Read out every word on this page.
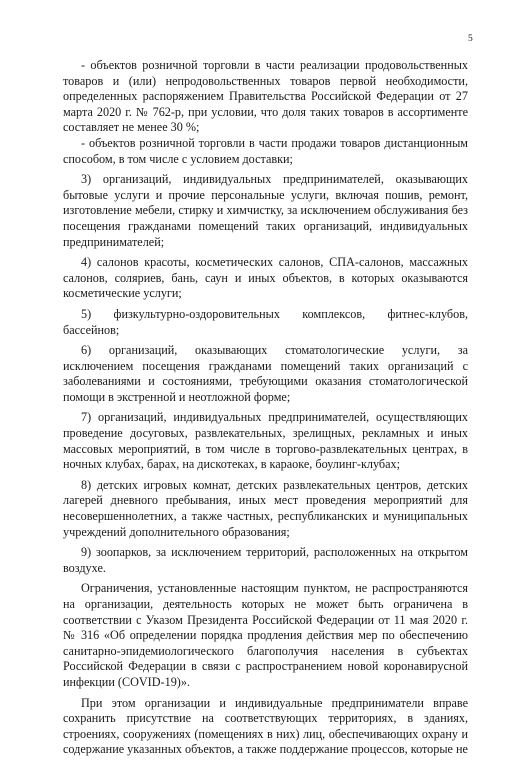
5

- объектов розничной торговли в части реализации продовольственных товаров и (или) непродовольственных товаров первой необходимости, определенных распоряжением Правительства Российской Федерации от 27 марта 2020 г. № 762-р, при условии, что доля таких товаров в ассортименте составляет не менее 30 %;

- объектов розничной торговли в части продажи товаров дистанционным способом, в том числе с условием доставки;

3) организаций, индивидуальных предпринимателей, оказывающих бытовые услуги и прочие персональные услуги, включая пошив, ремонт, изготовление мебели, стирку и химчистку, за исключением обслуживания без посещения гражданами помещений таких организаций, индивидуальных предпринимателей;

4) салонов красоты, косметических салонов, СПА-салонов, массажных салонов, соляриев, бань, саун и иных объектов, в которых оказываются косметические услуги;

5) физкультурно-оздоровительных комплексов, фитнес-клубов, бассейнов;

6) организаций, оказывающих стоматологические услуги, за исключением посещения гражданами помещений таких организаций с заболеваниями и состояниями, требующими оказания стоматологической помощи в экстренной и неотложной форме;

7) организаций, индивидуальных предпринимателей, осуществляющих проведение досуговых, развлекательных, зрелищных, рекламных и иных массовых мероприятий, в том числе в торгово-развлекательных центрах, в ночных клубах, барах, на дискотеках, в караоке, боулинг-клубах;

8) детских игровых комнат, детских развлекательных центров, детских лагерей дневного пребывания, иных мест проведения мероприятий для несовершеннолетних, а также частных, республиканских и муниципальных учреждений дополнительного образования;

9) зоопарков, за исключением территорий, расположенных на открытом воздухе.

Ограничения, установленные настоящим пунктом, не распространяются на организации, деятельность которых не может быть ограничена в соответствии с Указом Президента Российской Федерации от 11 мая 2020 г. № 316 «Об определении порядка продления действия мер по обеспечению санитарно-эпидемиологического благополучия населения в субъектах Российской Федерации в связи с распространением новой коронавирусной инфекции (COVID-19)».

При этом организации и индивидуальные предприниматели вправе сохранить присутствие на соответствующих территориях, в зданиях, строениях, сооружениях (помещениях в них) лиц, обеспечивающих охрану и содержание указанных объектов, а также поддержание процессов, которые не
